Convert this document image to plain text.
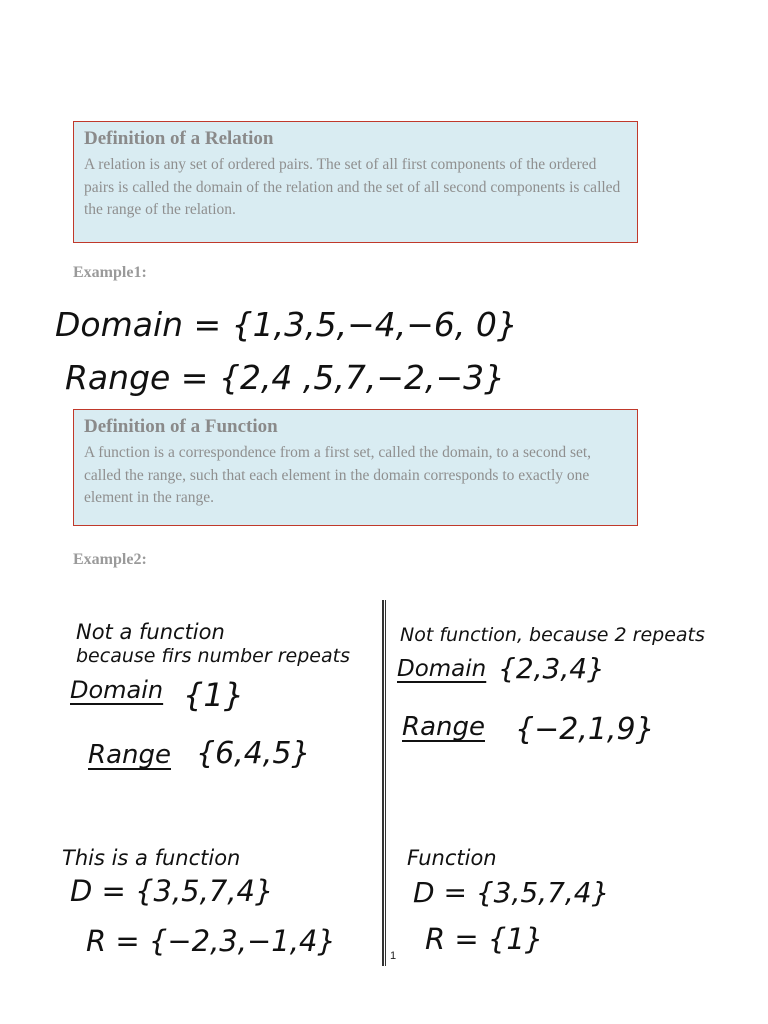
Definition of a Relation

A relation is any set of ordered pairs. The set of all first components of the ordered pairs is called the domain of the relation and the set of all second components is called the range of the relation.

Example1:
Domain = {1,3,5,−4,−6, 0}
Range = {2,4 ,5,7,−2,−3}

Definition of a Function

A function is a correspondence from a first set, called the domain, to a second set, called the range, such that each element in the domain corresponds to exactly one element in the range.

Example2:
Not a function
because firs number repeats
Domain {1}
Range {6,4,5}
Not function, because 2 repeats
Domain {2,3,4}
Range {−2,1,9}
This is a function
D = {3,5,7,4}
R = {−2,3,−1,4}
Function
D = {3,5,7,4}
R = {1}
1
